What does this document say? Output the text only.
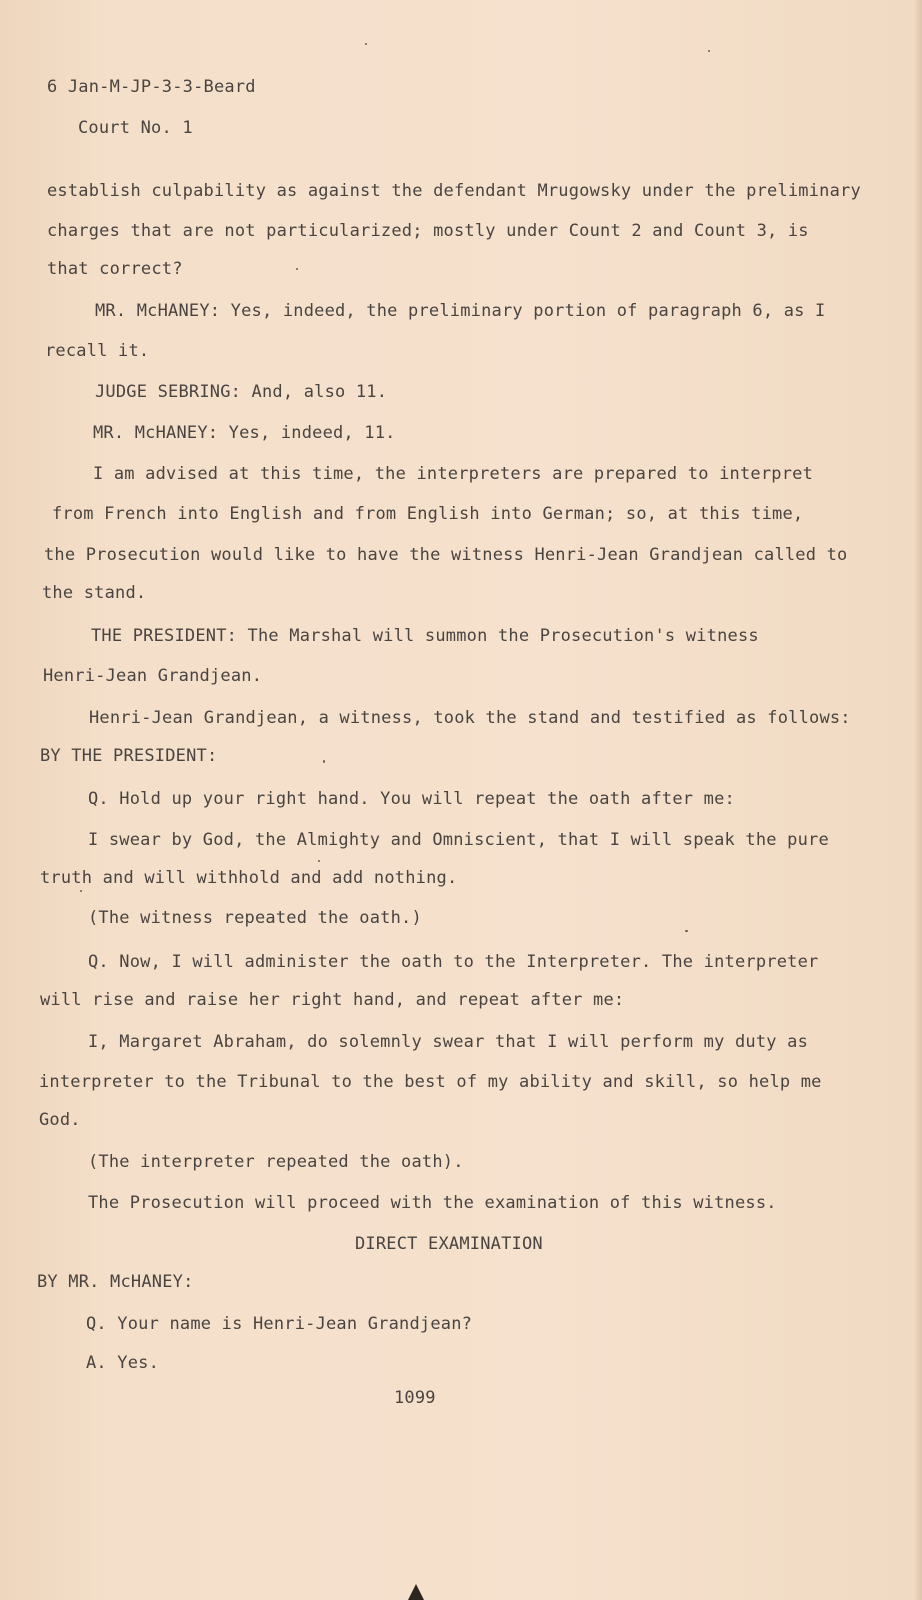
6 Jan-M-JP-3-3-Beard
Court No. 1
establish culpability as against the defendant Mrugowsky under the preliminary
charges that are not particularized; mostly under Count 2 and Count 3, is
that correct?
MR. McHANEY: Yes, indeed, the preliminary portion of paragraph 6, as I
recall it.
JUDGE SEBRING: And, also 11.
MR. McHANEY: Yes, indeed, 11.
I am advised at this time, the interpreters are prepared to interpret
from French into English and from English into German; so, at this time,
the Prosecution would like to have the witness Henri-Jean Grandjean called to
the stand.
THE PRESIDENT: The Marshal will summon the Prosecution's witness
Henri-Jean Grandjean.
Henri-Jean Grandjean, a witness, took the stand and testified as follows:
BY THE PRESIDENT:
Q. Hold up your right hand. You will repeat the oath after me:
I swear by God, the Almighty and Omniscient, that I will speak the pure
truth and will withhold and add nothing.
(The witness repeated the oath.)
Q. Now, I will administer the oath to the Interpreter. The interpreter
will rise and raise her right hand, and repeat after me:
I, Margaret Abraham, do solemnly swear that I will perform my duty as
interpreter to the Tribunal to the best of my ability and skill, so help me
God.
(The interpreter repeated the oath).
The Prosecution will proceed with the examination of this witness.
DIRECT EXAMINATION
BY MR. McHANEY:
Q. Your name is Henri-Jean Grandjean?
A. Yes.
1099
